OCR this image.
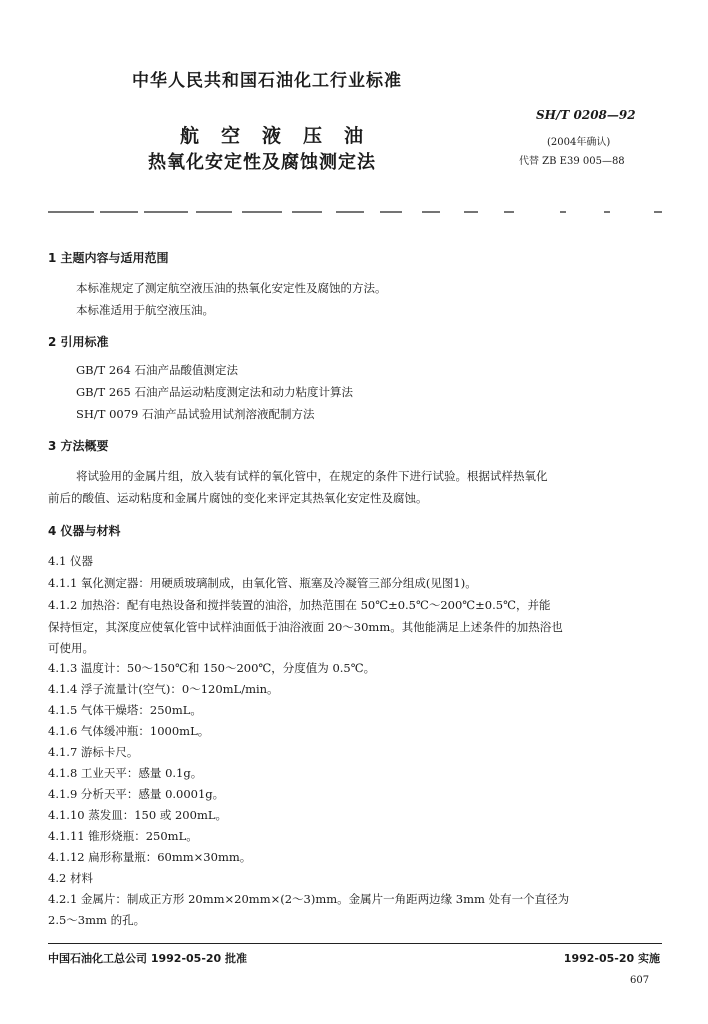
中华人民共和国石油化工行业标准
SH/T 0208—92
(2004年确认)
代替 ZB E39 005—88
航空液压油
热氧化安定性及腐蚀测定法
1 主题内容与适用范围
本标准规定了测定航空液压油的热氧化安定性及腐蚀的方法。
本标准适用于航空液压油。
2 引用标准
GB/T 264 石油产品酸值测定法
GB/T 265 石油产品运动粘度测定法和动力粘度计算法
SH/T 0079 石油产品试验用试剂溶液配制方法
3 方法概要
将试验用的金属片组，放入装有试样的氧化管中，在规定的条件下进行试验。根据试样热氧化
前后的酸值、运动粘度和金属片腐蚀的变化来评定其热氧化安定性及腐蚀。
4 仪器与材料
4.1 仪器
4.1.1 氧化测定器：用硬质玻璃制成，由氧化管、瓶塞及冷凝管三部分组成(见图1)。
4.1.2 加热浴：配有电热设备和搅拌装置的油浴，加热范围在 50℃±0.5℃～200℃±0.5℃，并能
保持恒定，其深度应使氧化管中试样油面低于油浴液面 20～30mm。其他能满足上述条件的加热浴也
可使用。
4.1.3 温度计：50～150℃和 150～200℃，分度值为 0.5℃。
4.1.4 浮子流量计(空气)：0～120mL/min。
4.1.5 气体干燥塔：250mL。
4.1.6 气体缓冲瓶：1000mL。
4.1.7 游标卡尺。
4.1.8 工业天平：感量 0.1g。
4.1.9 分析天平：感量 0.0001g。
4.1.10 蒸发皿：150 或 200mL。
4.1.11 锥形烧瓶：250mL。
4.1.12 扁形称量瓶：60mm×30mm。
4.2 材料
4.2.1 金属片：制成正方形 20mm×20mm×(2～3)mm。金属片一角距两边缘 3mm 处有一个直径为
2.5～3mm 的孔。
中国石油化工总公司 1992-05-20 批准	1992-05-20 实施
607
